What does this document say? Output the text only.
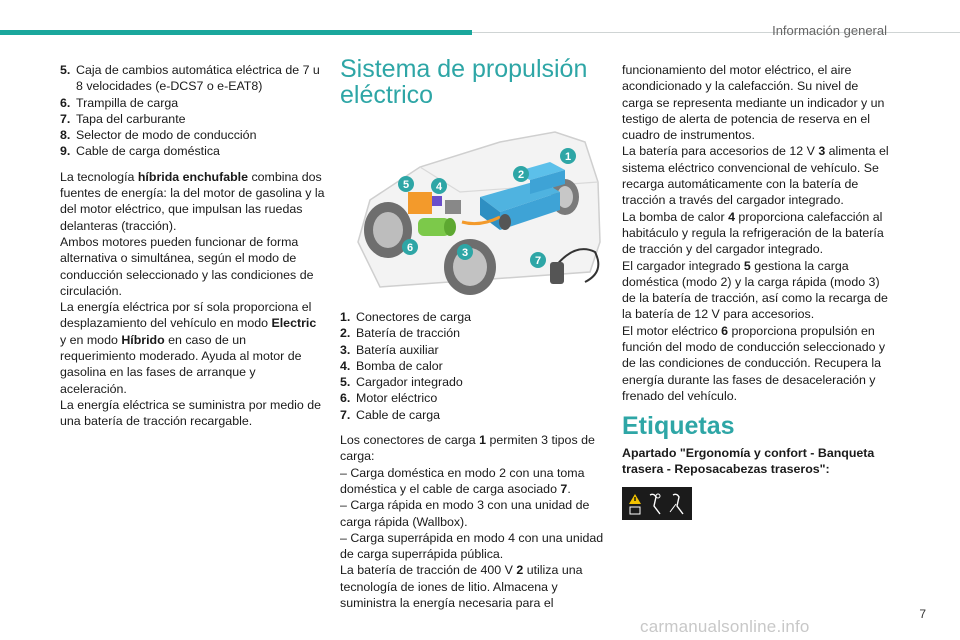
Información general
5. Caja de cambios automática eléctrica de 7 u 8 velocidades (e-DCS7 o e-EAT8)
6. Trampilla de carga
7. Tapa del carburante
8. Selector de modo de conducción
9. Cable de carga doméstica

La tecnología híbrida enchufable combina dos fuentes de energía: la del motor de gasolina y la del motor eléctrico, que impulsan las ruedas delanteras (tracción).

Ambos motores pueden funcionar de forma alternativa o simultánea, según el modo de conducción seleccionado y las condiciones de circulación.

La energía eléctrica por sí sola proporciona el desplazamiento del vehículo en modo Electric y en modo Híbrido en caso de un requerimiento moderado. Ayuda al motor de gasolina en las fases de arranque y aceleración.

La energía eléctrica se suministra por medio de una batería de tracción recargable.

Sistema de propulsión eléctrico
1
2
3
4
5
6
7
1. Conectores de carga
2. Batería de tracción
3. Batería auxiliar
4. Bomba de calor
5. Cargador integrado
6. Motor eléctrico
7. Cable de carga

Los conectores de carga 1 permiten 3 tipos de carga:

– Carga doméstica en modo 2 con una toma doméstica y el cable de carga asociado 7.

– Carga rápida en modo 3 con una unidad de carga rápida (Wallbox).

– Carga superrápida en modo 4 con una unidad de carga superrápida pública.

La batería de tracción de 400 V 2 utiliza una tecnología de iones de litio. Almacena y suministra la energía necesaria para el

funcionamiento del motor eléctrico, el aire acondicionado y la calefacción. Su nivel de carga se representa mediante un indicador y un testigo de alerta de potencia de reserva en el cuadro de instrumentos.

La batería para accesorios de 12 V 3 alimenta el sistema eléctrico convencional de vehículo. Se recarga automáticamente con la batería de tracción a través del cargador integrado.

La bomba de calor 4 proporciona calefacción al habitáculo y regula la refrigeración de la batería de tracción y del cargador integrado.

El cargador integrado 5 gestiona la carga doméstica (modo 2) y la carga rápida (modo 3) de la batería de tracción, así como la recarga de la batería de 12 V para accesorios.

El motor eléctrico 6 proporciona propulsión en función del modo de conducción seleccionado y de las condiciones de conducción. Recupera la energía durante las fases de desaceleración y frenado del vehículo.

Etiquetas

Apartado "Ergonomía y confort - Banqueta trasera - Reposacabezas traseros":

7
carmanualsonline.info
